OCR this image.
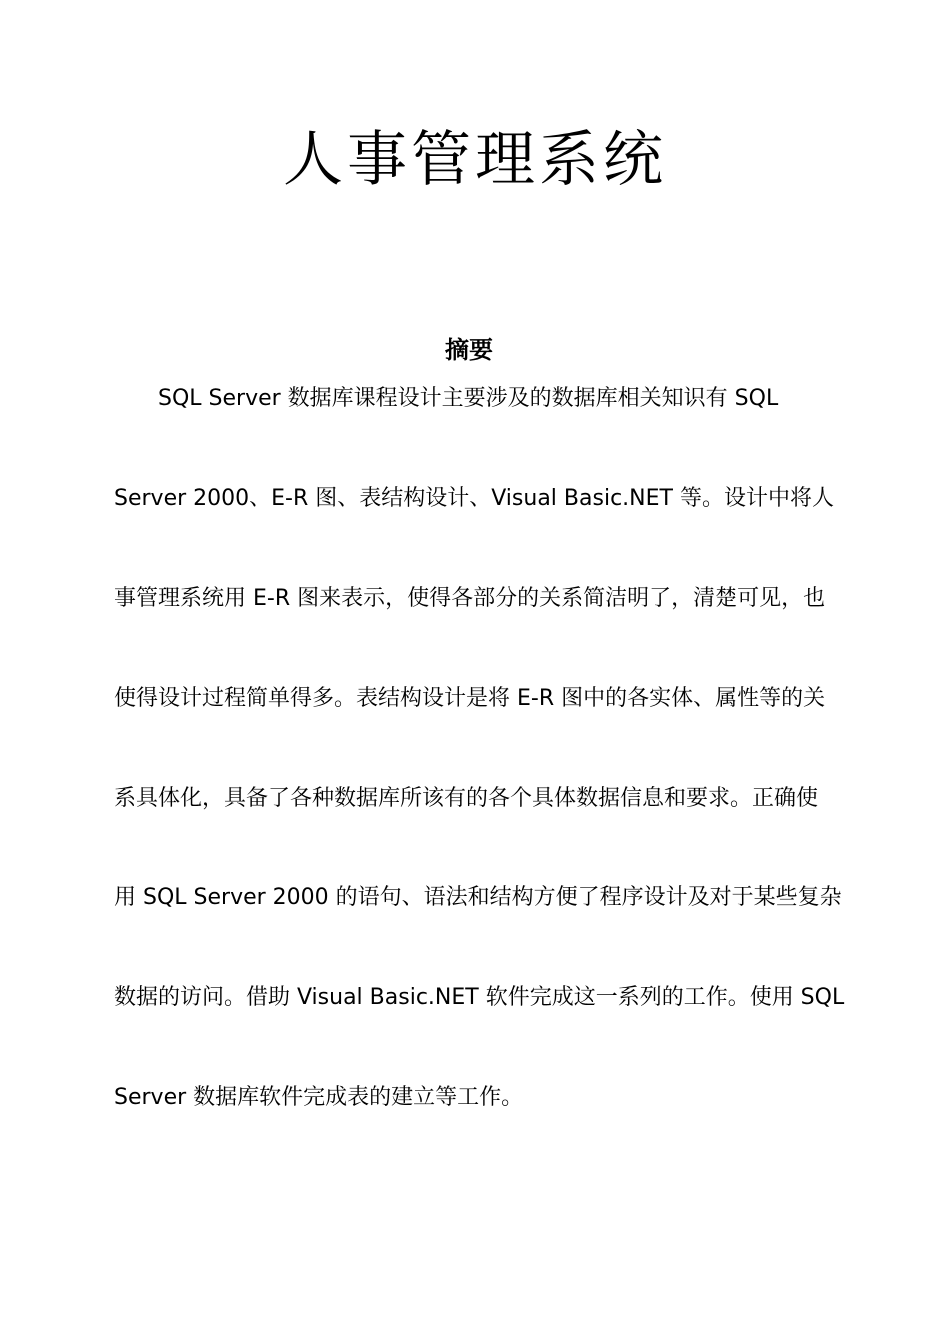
人事管理系统
摘要

SQL Server 数据库课程设计主要涉及的数据库相关知识有 SQL

Server 2000、E-R 图、表结构设计、Visual Basic.NET 等。设计中将人

事管理系统用 E-R 图来表示，使得各部分的关系简洁明了，清楚可见，也

使得设计过程简单得多。表结构设计是将 E-R 图中的各实体、属性等的关

系具体化，具备了各种数据库所该有的各个具体数据信息和要求。正确使

用 SQL Server 2000 的语句、语法和结构方便了程序设计及对于某些复杂

数据的访问。借助 Visual Basic.NET 软件完成这一系列的工作。使用 SQL

Server 数据库软件完成表的建立等工作。
